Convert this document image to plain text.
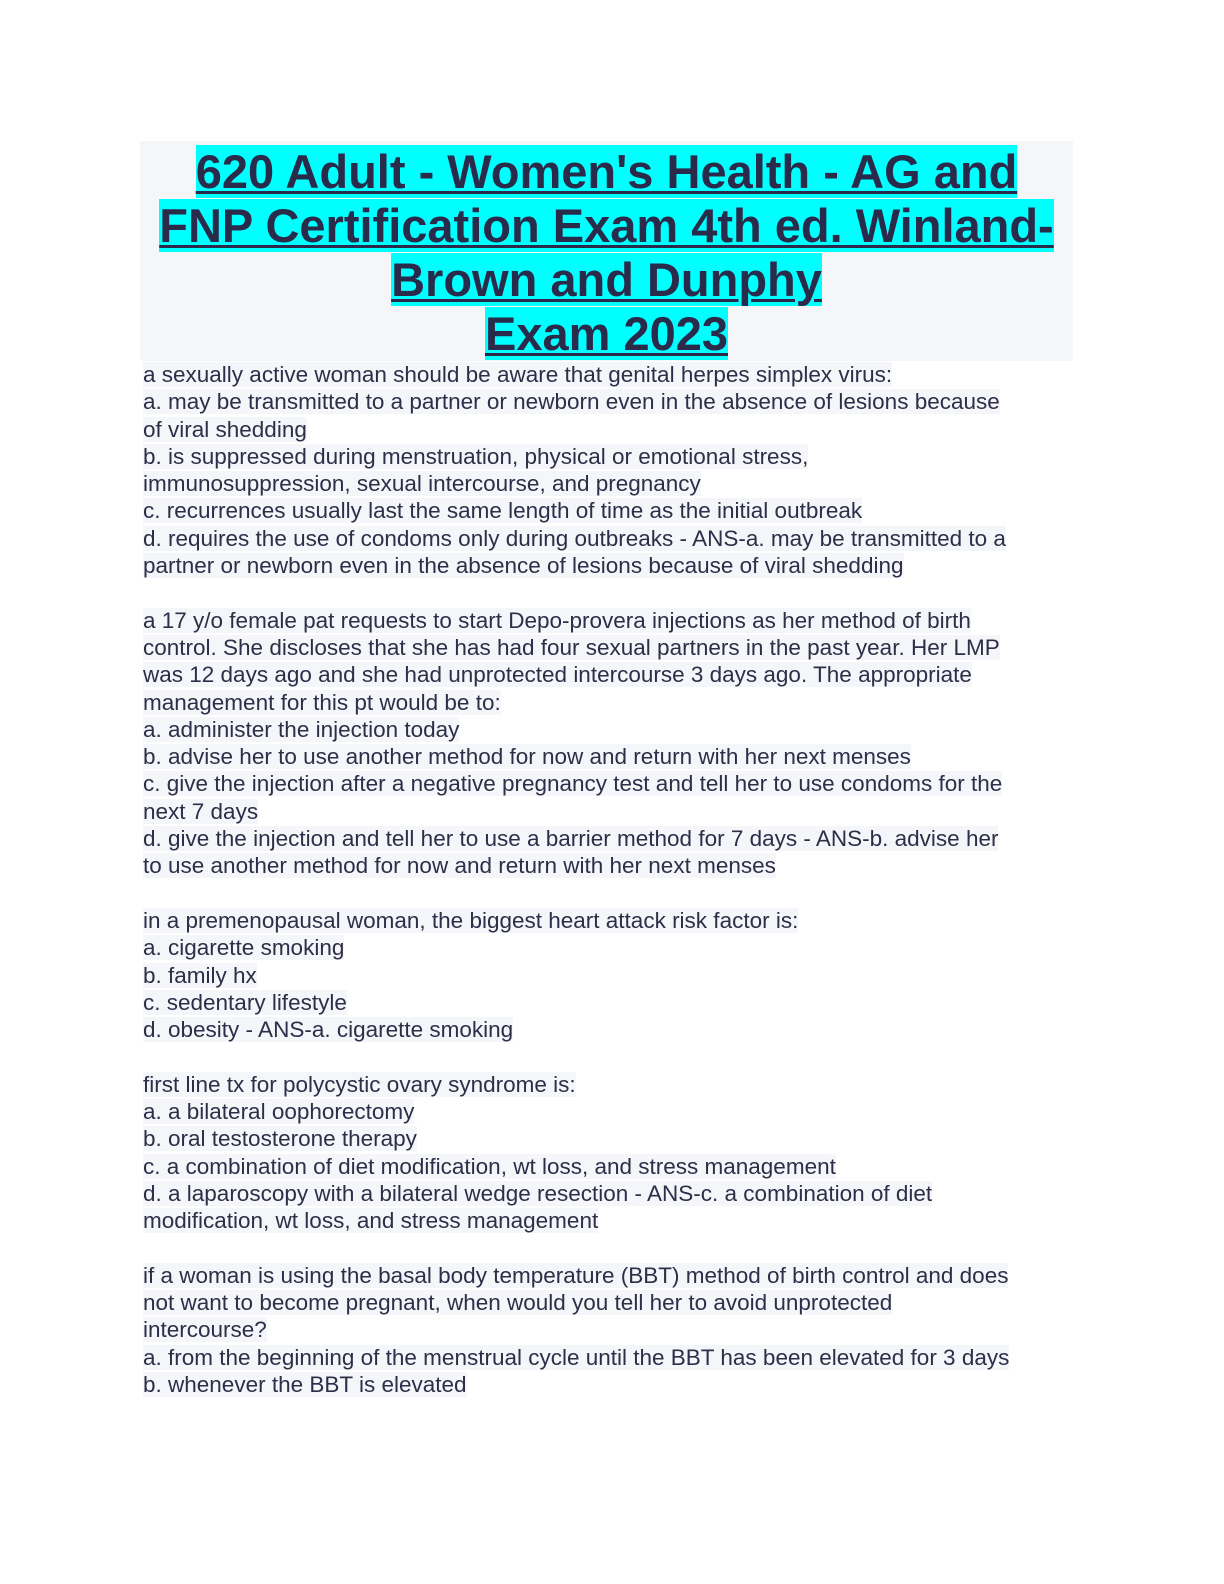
620 Adult - Women's Health - AG and
FNP Certification Exam 4th ed. Winland-
Brown and Dunphy
Exam 2023
a sexually active woman should be aware that genital herpes simplex virus:
a. may be transmitted to a partner or newborn even in the absence of lesions because
of viral shedding
b. is suppressed during menstruation, physical or emotional stress,
immunosuppression, sexual intercourse, and pregnancy
c. recurrences usually last the same length of time as the initial outbreak
d. requires the use of condoms only during outbreaks - ANS-a. may be transmitted to a
partner or newborn even in the absence of lesions because of viral shedding
a 17 y/o female pat requests to start Depo-provera injections as her method of birth
control. She discloses that she has had four sexual partners in the past year. Her LMP
was 12 days ago and she had unprotected intercourse 3 days ago. The appropriate
management for this pt would be to:
a. administer the injection today
b. advise her to use another method for now and return with her next menses
c. give the injection after a negative pregnancy test and tell her to use condoms for the
next 7 days
d. give the injection and tell her to use a barrier method for 7 days - ANS-b. advise her
to use another method for now and return with her next menses
in a premenopausal woman, the biggest heart attack risk factor is:
a. cigarette smoking
b. family hx
c. sedentary lifestyle
d. obesity - ANS-a. cigarette smoking
first line tx for polycystic ovary syndrome is:
a. a bilateral oophorectomy
b. oral testosterone therapy
c. a combination of diet modification, wt loss, and stress management
d. a laparoscopy with a bilateral wedge resection - ANS-c. a combination of diet
modification, wt loss, and stress management
if a woman is using the basal body temperature (BBT) method of birth control and does
not want to become pregnant, when would you tell her to avoid unprotected
intercourse?
a. from the beginning of the menstrual cycle until the BBT has been elevated for 3 days
b. whenever the BBT is elevated
